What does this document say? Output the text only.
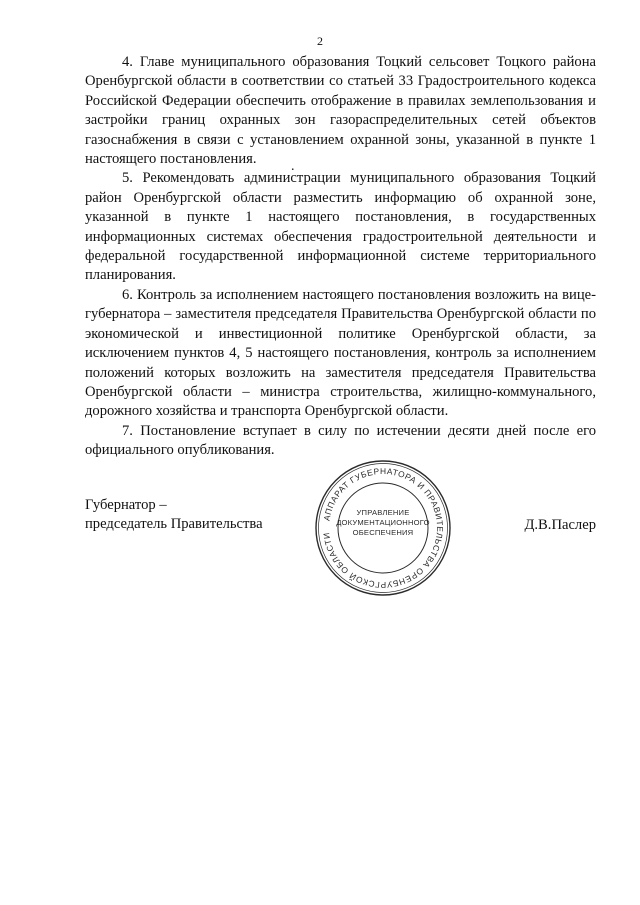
2

4. Главе муниципального образования Тоцкий сельсовет Тоцкого района Оренбургской области в соответствии со статьей 33 Градостроительного кодекса Российской Федерации обеспечить отображение в правилах землепользования и застройки границ охранных зон газораспределительных сетей объектов газоснабжения в связи с установлением охранной зоны, указанной в пункте 1 настоящего постановления.

5. Рекомендовать администрации муниципального образования Тоцкий район Оренбургской области разместить информацию об охранной зоне, указанной в пункте 1 настоящего постановления, в государственных информационных системах обеспечения градостроительной деятельности и федеральной государственной информационной системе территориального планирования.

6. Контроль за исполнением настоящего постановления возложить на вице-губернатора – заместителя председателя Правительства Оренбургской области по экономической и инвестиционной политике Оренбургской области, за исключением пунктов 4, 5 настоящего постановления, контроль за исполнением положений которых возложить на заместителя председателя Правительства Оренбургской области – министра строительства, жилищно-коммунального, дорожного хозяйства и транспорта Оренбургской области.

7. Постановление вступает в силу по истечении десяти дней после его официального опубликования.

.
Губернатор –
председатель Правительства	Д.В.Паслер
АППАРАТ ГУБЕРНАТОРА И ПРАВИТЕЛЬСТВА ОРЕНБУРГСКОЙ ОБЛАСТИ
УПРАВЛЕНИЕ
ДОКУМЕНТАЦИОННОГО
ОБЕСПЕЧЕНИЯ
